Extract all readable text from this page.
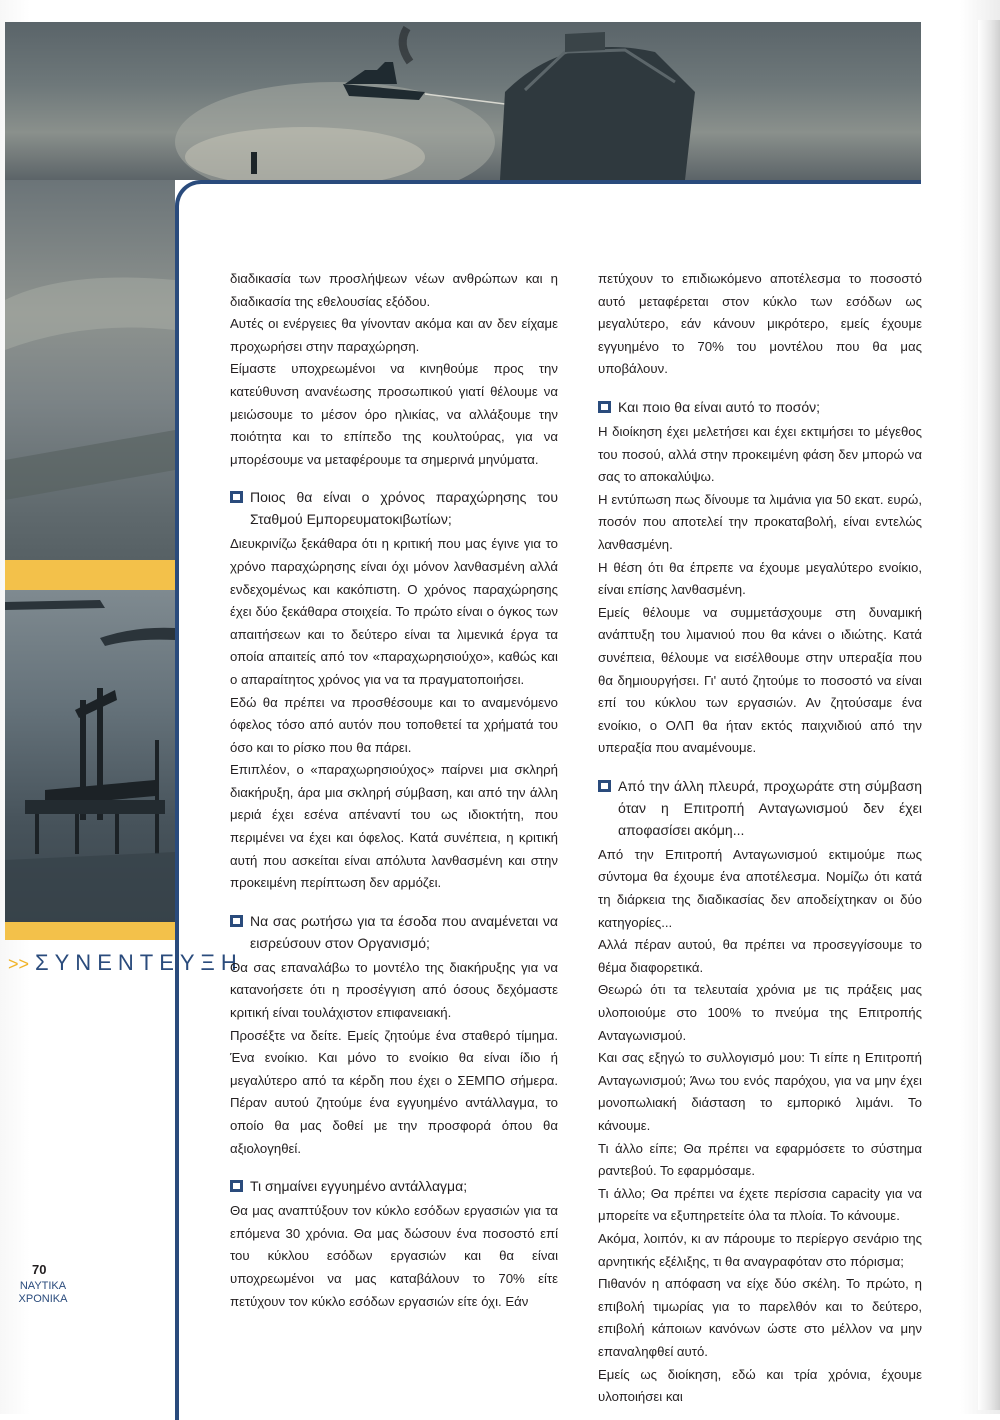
>> ΣΥΝΕΝΤΕΥΞΗ
70
ΝΑΥΤΙΚΑ
ΧΡΟΝΙΚΑ

διαδικασία των προσλήψεων νέων ανθρώπων και η διαδικασία της εθελουσίας εξόδου.

Αυτές οι ενέργειες θα γίνονταν ακόμα και αν δεν είχαμε προχωρήσει στην παραχώρηση.

Είμαστε υποχρεωμένοι να κινηθούμε προς την κατεύθυνση ανανέωσης προσωπικού γιατί θέλουμε να μειώσουμε το μέσον όρο ηλικίας, να αλλάξουμε την ποιότητα και το επίπεδο της κουλτούρας, για να μπορέσουμε να μεταφέρουμε τα σημερινά μηνύματα.

Ποιος θα είναι ο χρόνος παραχώρησης του Σταθμού Εμπορευματοκιβωτίων;

Διευκρινίζω ξεκάθαρα ότι η κριτική που μας έγινε για το χρόνο παραχώρησης είναι όχι μόνον λανθασμένη αλλά ενδεχομένως και κακόπιστη. Ο χρόνος παραχώρησης έχει δύο ξεκάθαρα στοιχεία. Το πρώτο είναι ο όγκος των απαιτήσεων και το δεύτερο είναι τα λιμενικά έργα τα οποία απαιτείς από τον «παραχωρησιούχο», καθώς και ο απαραίτητος χρόνος για να τα πραγματοποιήσει.

Εδώ θα πρέπει να προσθέσουμε και το αναμενόμενο όφελος τόσο από αυτόν που τοποθετεί τα χρήματά του όσο και το ρίσκο που θα πάρει.

Επιπλέον, ο «παραχωρησιούχος» παίρνει μια σκληρή διακήρυξη, άρα μια σκληρή σύμβαση, και από την άλλη μεριά έχει εσένα απέναντί του ως ιδιοκτήτη, που περιμένει να έχει και όφελος. Κατά συνέπεια, η κριτική αυτή που ασκείται είναι απόλυτα λανθασμένη και στην προκειμένη περίπτωση δεν αρμόζει.

Να σας ρωτήσω για τα έσοδα που αναμένεται να εισρεύσουν στον Οργανισμό;

Θα σας επαναλάβω το μοντέλο της διακήρυξης για να κατανοήσετε ότι η προσέγγιση από όσους δεχόμαστε κριτική είναι τουλάχιστον επιφανειακή.

Προσέξτε να δείτε. Εμείς ζητούμε ένα σταθερό τίμημα. Ένα ενοίκιο. Και μόνο το ενοίκιο θα είναι ίδιο ή μεγαλύτερο από τα κέρδη που έχει ο ΣΕΜΠΟ σήμερα. Πέραν αυτού ζητούμε ένα εγγυημένο αντάλλαγμα, το οποίο θα μας δοθεί με την προσφορά όπου θα αξιολογηθεί.

Τι σημαίνει εγγυημένο αντάλλαγμα;

Θα μας αναπτύξουν τον κύκλο εσόδων εργασιών για τα επόμενα 30 χρόνια. Θα μας δώσουν ένα ποσοστό επί του κύκλου εσόδων εργασιών και θα είναι υποχρεωμένοι να μας καταβάλουν το 70% είτε πετύχουν τον κύκλο εσόδων εργασιών είτε όχι. Εάν

πετύχουν το επιδιωκόμενο αποτέλεσμα το ποσοστό αυτό μεταφέρεται στον κύκλο των εσόδων ως μεγαλύτερο, εάν κάνουν μικρότερο, εμείς έχουμε εγγυημένο το 70% του μοντέλου που θα μας υποβάλουν.

Και ποιο θα είναι αυτό το ποσόν;

Η διοίκηση έχει μελετήσει και έχει εκτιμήσει το μέγεθος του ποσού, αλλά στην προκειμένη φάση δεν μπορώ να σας το αποκαλύψω.

Η εντύπωση πως δίνουμε τα λιμάνια για 50 εκατ. ευρώ, ποσόν που αποτελεί την προκαταβολή, είναι εντελώς λανθασμένη.

Η θέση ότι θα έπρεπε να έχουμε μεγαλύτερο ενοίκιο, είναι επίσης λανθασμένη.

Εμείς θέλουμε να συμμετάσχουμε στη δυναμική ανάπτυξη του λιμανιού που θα κάνει ο ιδιώτης. Κατά συνέπεια, θέλουμε να εισέλθουμε στην υπεραξία που θα δημιουργήσει. Γι' αυτό ζητούμε το ποσοστό να είναι επί του κύκλου των εργασιών. Αν ζητούσαμε ένα ενοίκιο, ο ΟΛΠ θα ήταν εκτός παιχνιδιού από την υπεραξία που αναμένουμε.

Από την άλλη πλευρά, προχωράτε στη σύμβαση όταν η Επιτροπή Ανταγωνισμού δεν έχει αποφασίσει ακόμη...

Από την Επιτροπή Ανταγωνισμού εκτιμούμε πως σύντομα θα έχουμε ένα αποτέλεσμα. Νομίζω ότι κατά τη διάρκεια της διαδικασίας δεν αποδείχτηκαν οι δύο κατηγορίες...

Αλλά πέραν αυτού, θα πρέπει να προσεγγίσουμε το θέμα διαφορετικά.

Θεωρώ ότι τα τελευταία χρόνια με τις πράξεις μας υλοποιούμε στο 100% το πνεύμα της Επιτροπής Ανταγωνισμού.

Και σας εξηγώ το συλλογισμό μου: Τι είπε η Επιτροπή Ανταγωνισμού; Άνω του ενός παρόχου, για να μην έχει μονοπωλιακή διάσταση το εμπορικό λιμάνι. Το κάνουμε.

Τι άλλο είπε; Θα πρέπει να εφαρμόσετε το σύστημα ραντεβού. Το εφαρμόσαμε.

Τι άλλο; Θα πρέπει να έχετε περίσσια capacity για να μπορείτε να εξυπηρετείτε όλα τα πλοία. Το κάνουμε.

Ακόμα, λοιπόν, κι αν πάρουμε το περίεργο σενάριο της αρνητικής εξέλιξης, τι θα αναγραφόταν στο πόρισμα;

Πιθανόν η απόφαση να είχε δύο σκέλη. Το πρώτο, η επιβολή τιμωρίας για το παρελθόν και το δεύτερο, επιβολή κάποιων κανόνων ώστε στο μέλλον να μην επαναληφθεί αυτό.

Εμείς ως διοίκηση, εδώ και τρία χρόνια, έχουμε υλοποιήσει και
